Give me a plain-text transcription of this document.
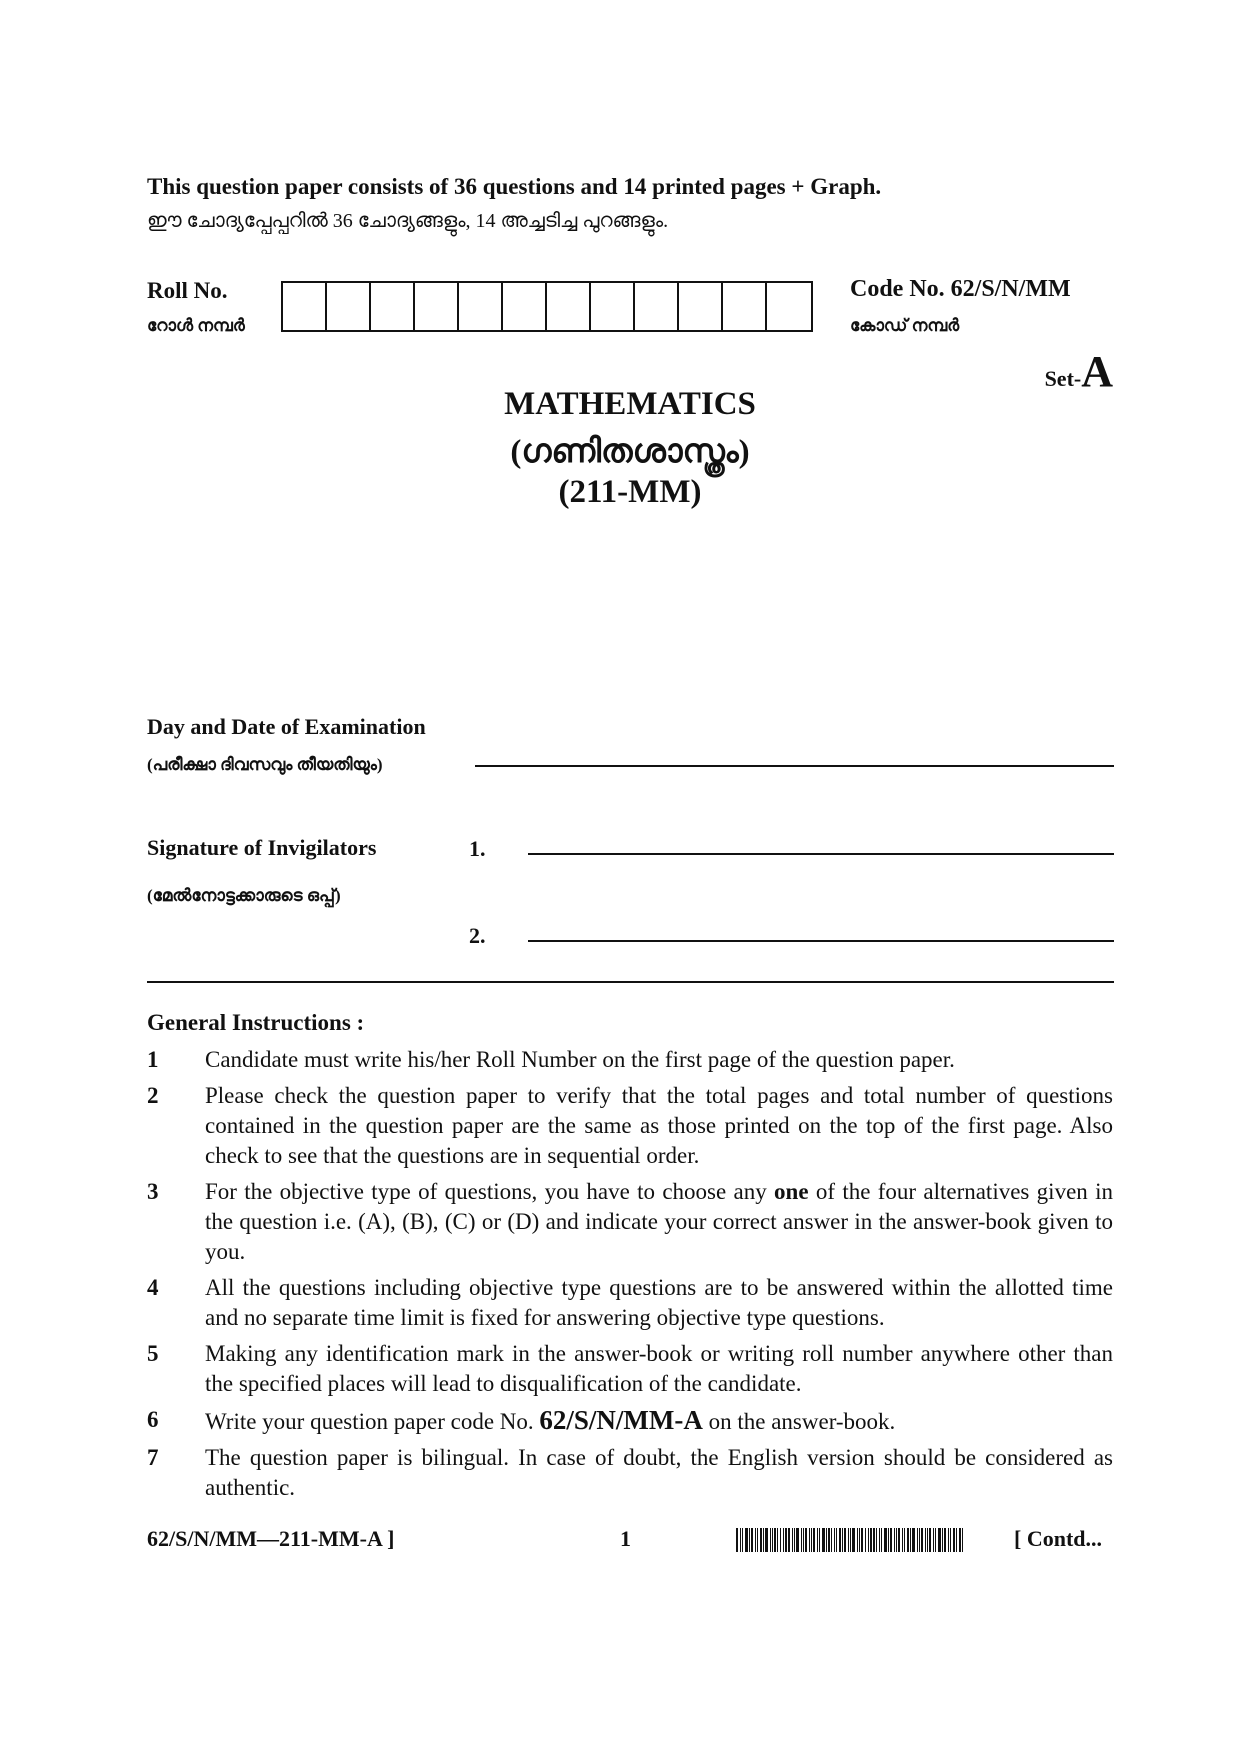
This question paper consists of 36 questions and 14 printed pages + Graph.
ഈ ചോദ്യപ്പേപ്പറിൽ 36 ചോദ്യങ്ങളും, 14 അച്ചടിച്ച പുറങ്ങളും.
Roll No.
റോൾ നമ്പർ
Code No. 62/S/N/MM
കോഡ് നമ്പർ
Set-A
MATHEMATICS
(ഗണിതശാസ്ത്രം)
(211-MM)
Day and Date of Examination
(പരീക്ഷാ ദിവസവും തീയതിയും)
Signature of Invigilators
(മേൽനോട്ടക്കാരുടെ ഒപ്പ്)
1.
2.
General Instructions :
1	Candidate must write his/her Roll Number on the first page of the question paper.
2	Please check the question paper to verify that the total pages and total number of questions contained in the question paper are the same as those printed on the top of the first page. Also check to see that the questions are in sequential order.
3	For the objective type of questions, you have to choose any one of the four alternatives given in the question i.e. (A), (B), (C) or (D) and indicate your correct answer in the answer-book given to you.
4	All the questions including objective type questions are to be answered within the allotted time and no separate time limit is fixed for answering objective type questions.
5	Making any identification mark in the answer-book or writing roll number anywhere other than the specified places will lead to disqualification of the candidate.
6	Write your question paper code No. 62/S/N/MM-A on the answer-book.
7	The question paper is bilingual. In case of doubt, the English version should be considered as authentic.
62/S/N/MM—211-MM-A ]	1	[ Contd...
